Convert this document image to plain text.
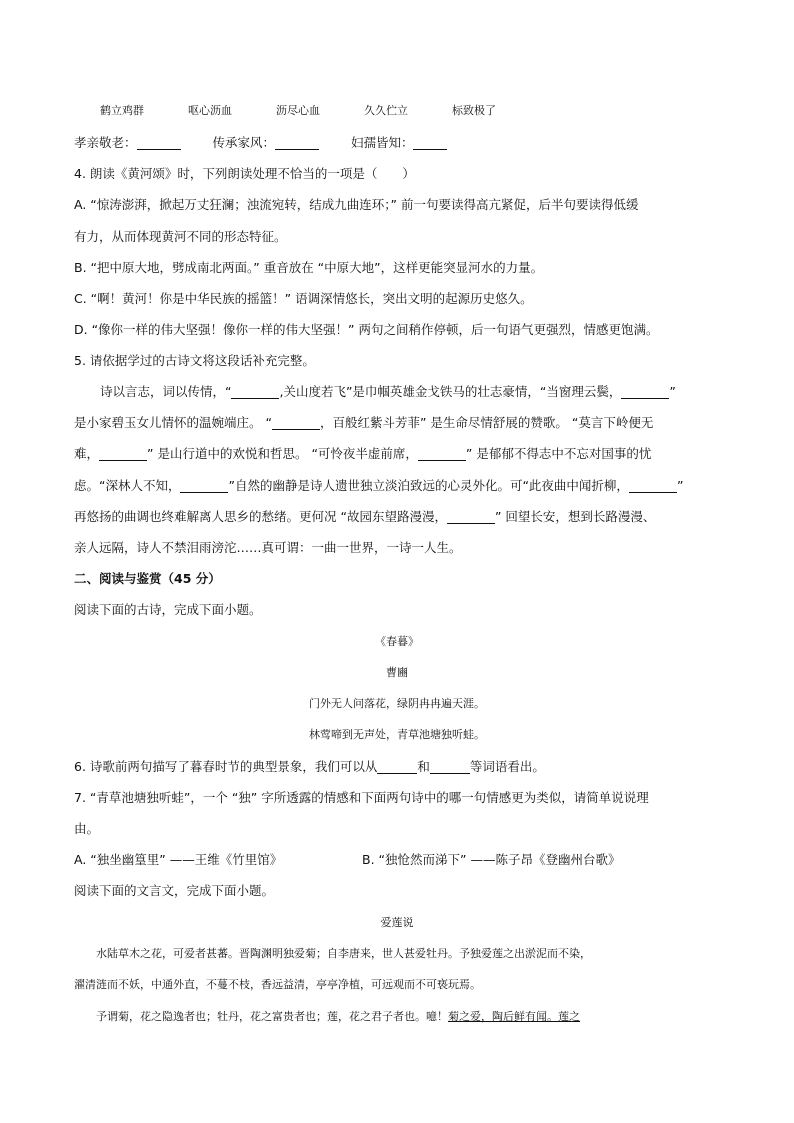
鹤立鸡群	呕心沥血	沥尽心血	久久伫立	标致极了
孝亲敬老：	传承家风：	妇孺皆知：
4. 朗读《黄河颂》时，下列朗读处理不恰当的一项是（　　）
A. “惊涛澎湃，掀起万丈狂澜；浊流宛转，结成九曲连环；” 前一句要读得高亢紧促，后半句要读得低缓
有力，从而体现黄河不同的形态特征。
B. “把中原大地，劈成南北两面。” 重音放在 “中原大地”，这样更能突显河水的力量。
C. “啊！黄河！你是中华民族的摇篮！” 语调深情悠长，突出文明的起源历史悠久。
D. “像你一样的伟大坚强！像你一样的伟大坚强！” 两句之间稍作停顿，后一句语气更强烈，情感更饱满。
5. 请依据学过的古诗文将这段话补充完整。
诗以言志，词以传情，“	,关山度若飞”是巾帼英雄金戈铁马的壮志豪情，“当窗理云鬓，	”
是小家碧玉女儿情怀的温婉端庄。 “	，百般红紫斗芳菲” 是生命尽情舒展的赞歌。 “莫言下岭便无
难，	” 是山行道中的欢悦和哲思。 “可怜夜半虚前席，	” 是郁郁不得志中不忘对国事的忧
虑。“深林人不知，	”自然的幽静是诗人遗世独立淡泊致远的心灵外化。可“此夜曲中闻折柳，	”
再悠扬的曲调也终难解离人思乡的愁绪。更何况 “故园东望路漫漫，	” 回望长安，想到长路漫漫、
亲人远隔，诗人不禁泪雨滂沱……真可谓：一曲一世界，一诗一人生。
二、阅读与鉴赏（45 分）
阅读下面的古诗，完成下面小题。
《春暮》
曹豳
门外无人问落花，绿阴冉冉遍天涯。
林莺啼到无声处，青草池塘独听蛙。
6. 诗歌前两句描写了暮春时节的典型景象，我们可以从	和	等词语看出。
7. “青草池塘独听蛙”，一个 “独” 字所透露的情感和下面两句诗中的哪一句情感更为类似，请简单说说理
由。
A. “独坐幽篁里” ——王维《竹里馆》	B. “独怆然而涕下” ——陈子昂《登幽州台歌》
阅读下面的文言文，完成下面小题。
爱莲说
水陆草木之花，可爱者甚蕃。晋陶渊明独爱菊；自李唐来，世人甚爱牡丹。予独爱莲之出淤泥而不染，
濯清涟而不妖，中通外直，不蔓不枝，香远益清，亭亭净植，可远观而不可亵玩焉。
予谓菊，花之隐逸者也；牡丹，花之富贵者也；莲，花之君子者也。噫！菊之爱，陶后鲜有闻。莲之
